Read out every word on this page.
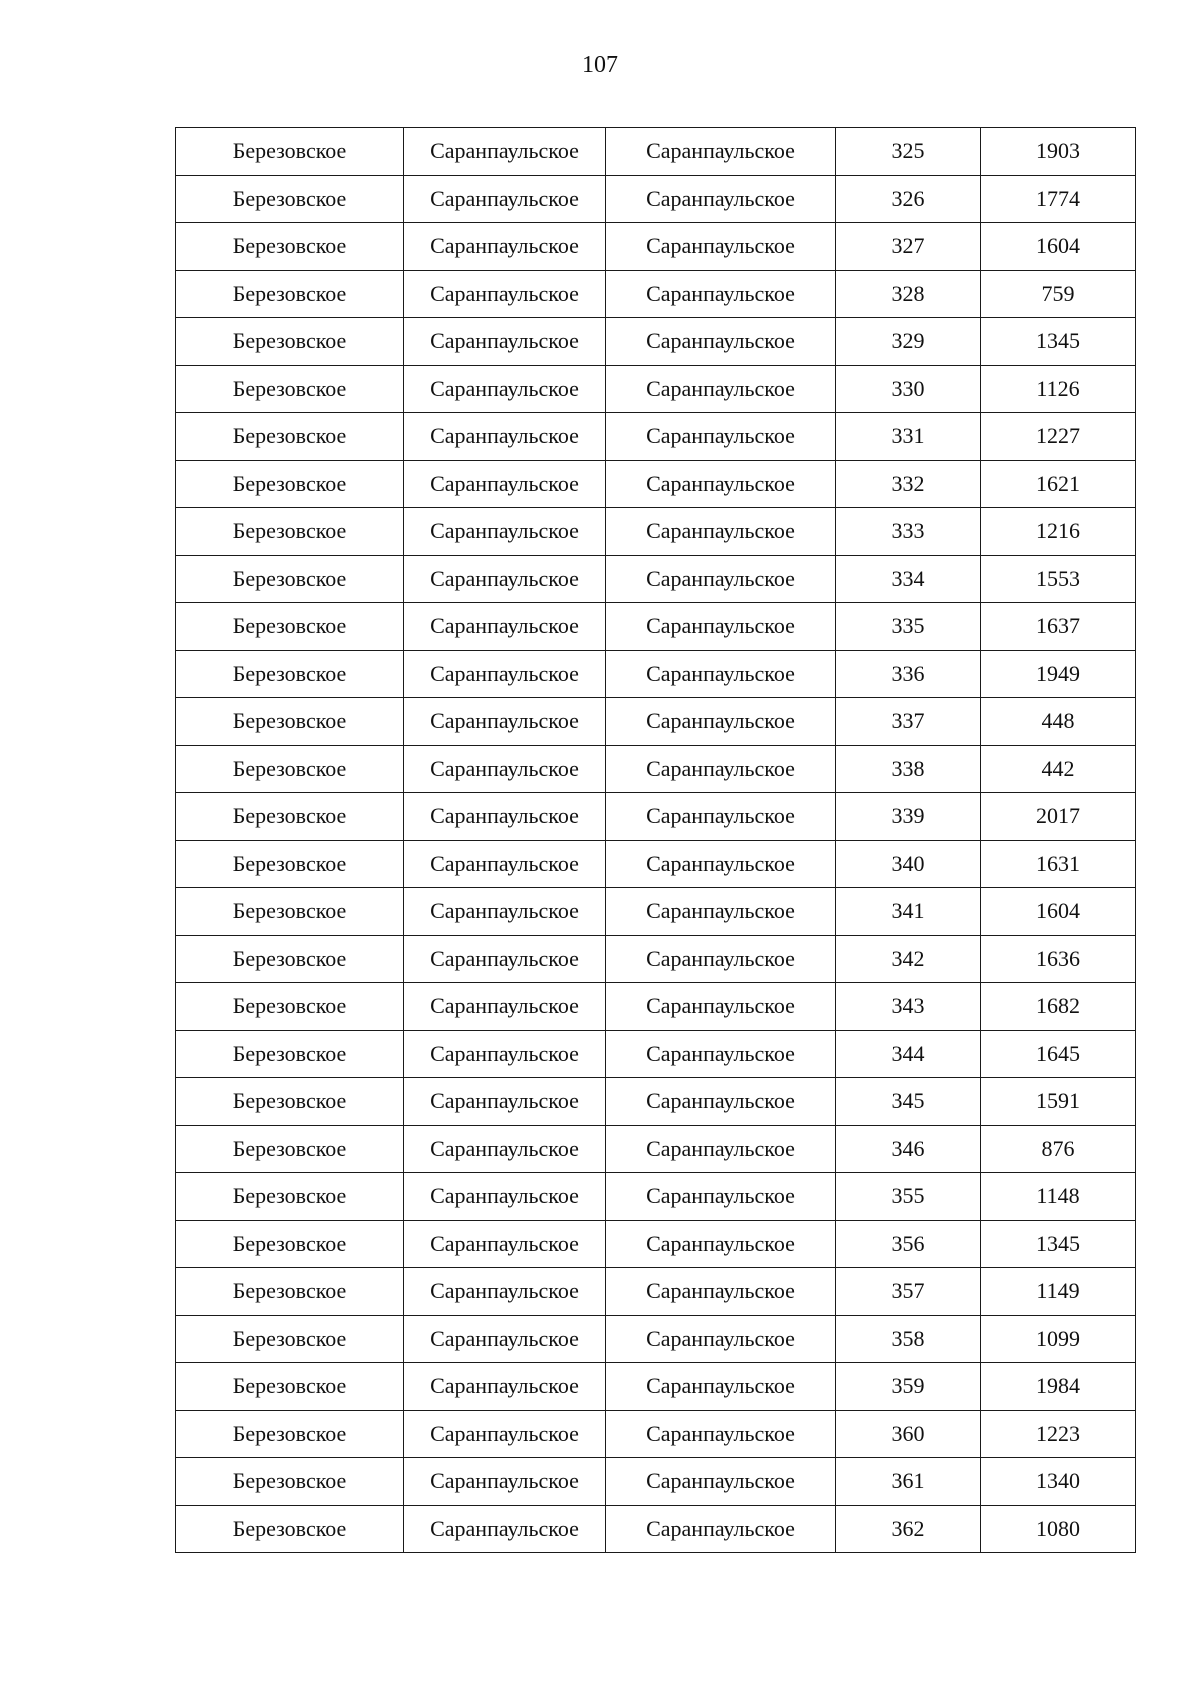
107
Березовское	Саранпаульское	Саранпаульское	325	1903
Березовское	Саранпаульское	Саранпаульское	326	1774
Березовское	Саранпаульское	Саранпаульское	327	1604
Березовское	Саранпаульское	Саранпаульское	328	759
Березовское	Саранпаульское	Саранпаульское	329	1345
Березовское	Саранпаульское	Саранпаульское	330	1126
Березовское	Саранпаульское	Саранпаульское	331	1227
Березовское	Саранпаульское	Саранпаульское	332	1621
Березовское	Саранпаульское	Саранпаульское	333	1216
Березовское	Саранпаульское	Саранпаульское	334	1553
Березовское	Саранпаульское	Саранпаульское	335	1637
Березовское	Саранпаульское	Саранпаульское	336	1949
Березовское	Саранпаульское	Саранпаульское	337	448
Березовское	Саранпаульское	Саранпаульское	338	442
Березовское	Саранпаульское	Саранпаульское	339	2017
Березовское	Саранпаульское	Саранпаульское	340	1631
Березовское	Саранпаульское	Саранпаульское	341	1604
Березовское	Саранпаульское	Саранпаульское	342	1636
Березовское	Саранпаульское	Саранпаульское	343	1682
Березовское	Саранпаульское	Саранпаульское	344	1645
Березовское	Саранпаульское	Саранпаульское	345	1591
Березовское	Саранпаульское	Саранпаульское	346	876
Березовское	Саранпаульское	Саранпаульское	355	1148
Березовское	Саранпаульское	Саранпаульское	356	1345
Березовское	Саранпаульское	Саранпаульское	357	1149
Березовское	Саранпаульское	Саранпаульское	358	1099
Березовское	Саранпаульское	Саранпаульское	359	1984
Березовское	Саранпаульское	Саранпаульское	360	1223
Березовское	Саранпаульское	Саранпаульское	361	1340
Березовское	Саранпаульское	Саранпаульское	362	1080
